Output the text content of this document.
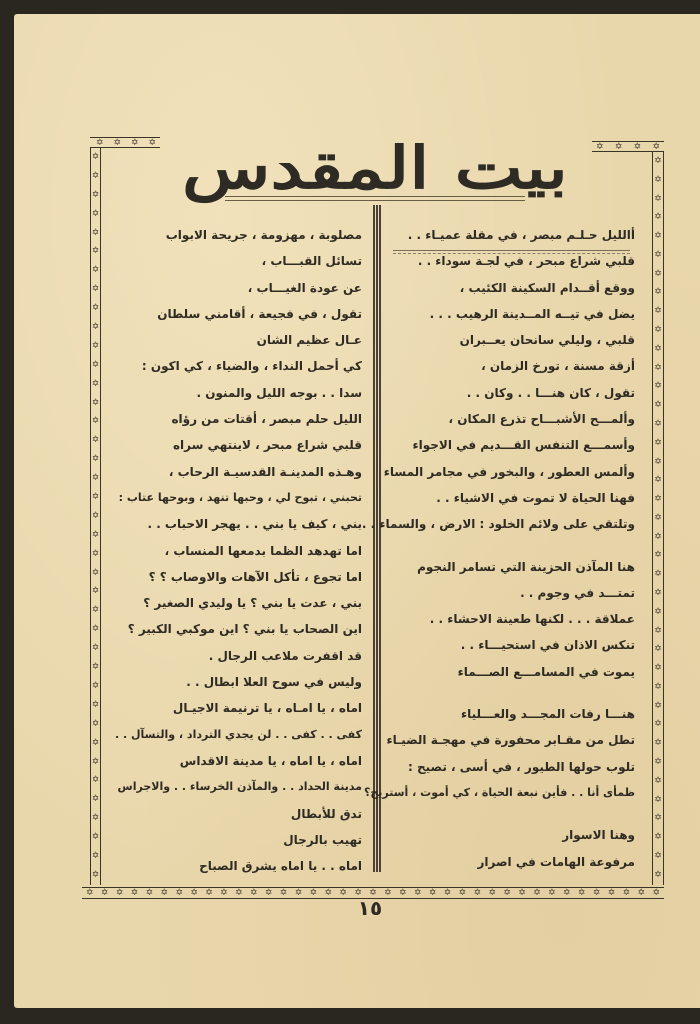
✡ ✡ ✡ ✡	✡ ✡ ✡ ✡
✡
✡
✡
✡
✡
✡
✡
✡
✡
✡
✡
✡
✡
✡
✡
✡
✡
✡
✡
✡
✡
✡
✡
✡
✡
✡
✡
✡
✡
✡
✡
✡
✡
✡
✡
✡
✡
✡
✡
✡
✡
✡
✡
✡
✡
✡
✡
✡
✡
✡
✡
✡
✡
✡
✡
✡
✡
✡
✡
✡
✡
✡
✡
✡
✡
✡
✡
✡
✡
✡
✡
✡
✡
✡
✡
✡
✡
✡
✡ ✡ ✡ ✡ ✡ ✡ ✡ ✡ ✡ ✡ ✡ ✡ ✡ ✡ ✡ ✡ ✡ ✡ ✡ ✡ ✡ ✡ ✡ ✡ ✡ ✡ ✡ ✡ ✡ ✡ ✡ ✡ ✡ ✡ ✡ ✡ ✡ ✡ ✡
بيت المقدس
أالليل حـلـم مبصر ، في مقلة عميـاء . .
قلبي شراع مبحر ، في لجـة سوداء . .
ووقع أقــدام السكينة الكئيب ،
يضل في تيــه المــدينة الرهيب . . .
قلبي ، وليلي سانحان يعــبران
أزقة مسنة ، تورخ الزمان ،
تقول ، كان هنـــا . . وكان . .
وألمـــح الأشبـــاح تذرع المكان ،
وأسمـــع التنفس القـــديم في الاجواء
وألمس العطور ، والبخور في مجامر المساء
فهنا الحياة لا تموت في الاشياء . .
وتلتقي على ولائم الخلود : الارض ، والسماء . .
هنا المآذن الحزينة التي تسامر النجوم
تمتـــد في وجوم . .
عملاقة . . . لكنها طعينة الاحشاء . .
تنكس الاذان في استحيـــاء . .
يموت في المسامـــع الصـــماء
هنـــا رفات المجـــد والعـــلياء
تطل من مقـابر محفورة في مهجـة الضيـاء
تلوب حولها الطيور ، في أسى ، تصيح :
ظمأى أنا . . فأين نبعة الحياة ، كي أموت ، أستريح؟
وهنا الاسوار
مرفوعة الهامات في اصرار
مصلوبة ، مهزومة ، جريحة الابواب
تسائل القبـــاب ،
عن عودة الغيـــاب ،
تقول ، في فجيعة ، أقامني سلطان
عـال عظيم الشان
كي أحمل النداء ، والضياء ، كي اكون :
سدا . . بوجه الليل والمنون .
الليل حلم مبصر ، أقتات من رؤاه
قلبي شراع مبحر ، لاينتهي سراه
وهـذه المدينـة القدسيـة الرحاب ،
تحبني ، تبوح لي ، وحبها تنهد ، وبوحها عتاب :
بني ، كيف يا بني . . يهجر الاحباب . .
اما تهدهد الظما بدمعها المنساب ،
اما تجوع ، تأكل الآهات والاوصاب ؟ ؟
بني ، عدت يا بني ؟ يا وليدي الصغير ؟
اين الصحاب يا بني ؟ اين موكبي الكبير ؟
قد اقفرت ملاعب الرجال .
وليس في سوح العلا ابطال . .
اماه ، يا امـاه ، يا ترنيمة الاجيـال
كفى . . كفى . . لن يجدي الترداد ، والتسآل . .
اماه ، يا اماه ، يا مدينة الاقداس
مدينة الحداد . . والمآذن الخرساء . . والاجراس
تدق للأبطال
تهيب بالرجال
اماه . . يا اماه يشرق الصباح
١٥
